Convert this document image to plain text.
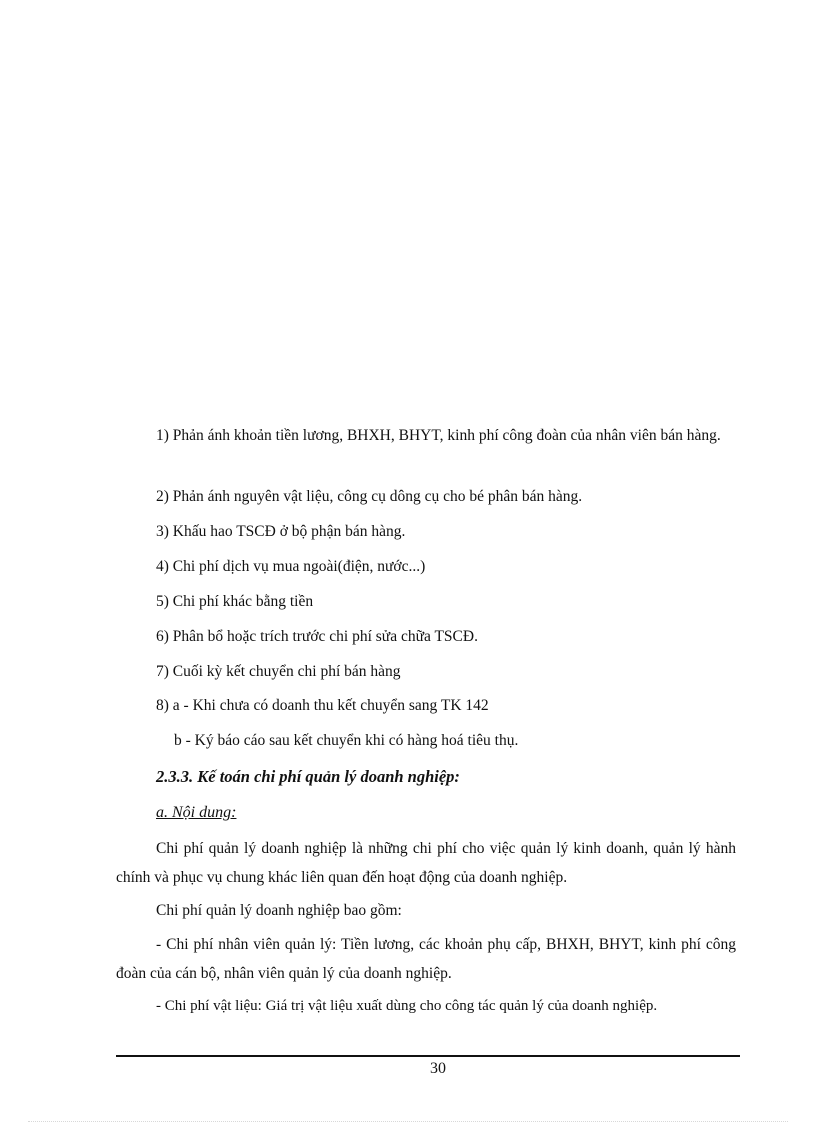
1) Phản ánh khoản tiền lương, BHXH, BHYT, kinh phí công đoàn của nhân viên bán hàng.

2) Phản ánh nguyên vật liệu, công cụ dông cụ cho bé phân bán hàng.

3) Khấu hao TSCĐ ở bộ phận bán hàng.

4) Chi phí dịch vụ mua ngoài(điện, nước...)

5) Chi phí khác bằng tiền

6) Phân bổ hoặc trích trước chi phí sửa chữa TSCĐ.

7) Cuối kỳ kết chuyển chi phí bán hàng

8) a - Khi chưa có doanh thu kết chuyển sang TK 142

b - Ký báo cáo sau kết chuyển khi có hàng hoá tiêu thụ.

2.3.3. Kế toán chi phí quản lý doanh nghiệp:
a. Nội dung:

Chi phí quản lý doanh nghiệp là những chi phí cho việc quản lý kinh doanh, quản lý hành chính và phục vụ chung khác liên quan đến hoạt động của doanh nghiệp.

Chi phí quản lý doanh nghiệp bao gồm:

- Chi phí nhân viên quản lý: Tiền lương, các khoản phụ cấp, BHXH, BHYT, kinh phí công đoàn của cán bộ, nhân viên quản lý của doanh nghiệp.

- Chi phí vật liệu: Giá trị vật liệu xuất dùng cho công tác quản lý của doanh nghiệp.

30
